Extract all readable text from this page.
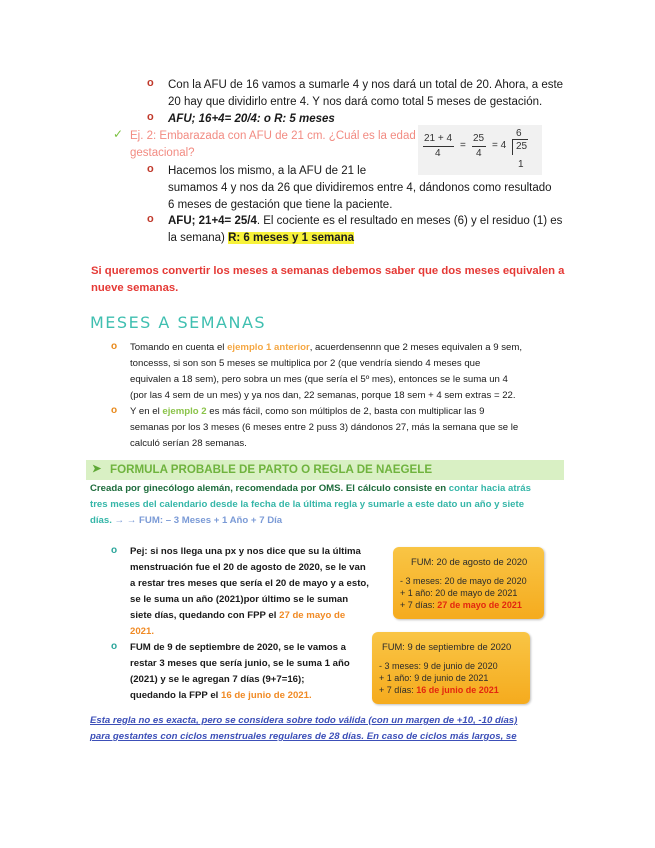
o Con la AFU de 16 vamos a sumarle 4 y nos dará un total de 20. Ahora, a este
20 hay que dividirlo entre 4. Y nos dará como total 5 meses de gestación.
o AFU; 16+4= 20/4: o R: 5 meses
✓ Ej. 2: Embarazada con AFU de 21 cm. ¿Cuál es la edad
gestacional?
o Hacemos los mismo, a la AFU de 21 le
sumamos 4 y nos da 26 que dividiremos entre 4, dándonos como resultado
6 meses de gestación que tiene la paciente.
o AFU; 21+4= 25/4. El cociente es el resultado en meses (6) y el residuo (1) es
la semana) R: 6 meses y 1 semana
21 + 4
4
=
25
4
= 4
6
25
1
Si queremos convertir los meses a semanas debemos saber que dos meses equivalen a
nueve semanas.
MESES A SEMANAS
o Tomando en cuenta el ejemplo 1 anterior, acuerdensennn que 2 meses equivalen a 9 sem,
toncesss, si son son 5 meses se multiplica por 2 (que vendría siendo 4 meses que
equivalen a 18 sem), pero sobra un mes (que sería el 5º mes), entonces se le suma un 4
(por las 4 sem de un mes) y ya nos dan, 22 semanas, porque 18 sem + 4 sem extras = 22.
o Y en el ejemplo 2 es más fácil, como son múltiplos de 2, basta con multiplicar las 9
semanas por los 3 meses (6 meses entre 2 puss 3) dándonos 27, más la semana que se le
calculó serían 28 semanas.
➤ FORMULA PROBABLE DE PARTO O REGLA DE NAEGELE
Creada por ginecólogo alemán, recomendada por OMS. El cálculo consiste en contar hacia atrás
tres meses del calendario desde la fecha de la última regla y sumarle a este dato un año y siete
días. → → FUM: – 3 Meses + 1 Año + 7 Día
o Pej: si nos llega una px y nos dice que su la última
menstruación fue el 20 de agosto de 2020, se le van
a restar tres meses que sería el 20 de mayo y a esto,
se le suma un año (2021)por último se le suman
siete días, quedando con FPP el 27 de mayo de
2021.
FUM: 20 de agosto de 2020
- 3 meses: 20 de mayo de 2020
+ 1 año: 20 de mayo de 2021
+ 7 días: 27 de mayo de 2021
o FUM de 9 de septiembre de 2020, se le vamos a
restar 3 meses que sería junio, se le suma 1 año
(2021) y se le agregan 7 días (9+7=16);
quedando la FPP el 16 de junio de 2021.
FUM: 9 de septiembre de 2020
- 3 meses: 9 de junio de 2020
+ 1 año: 9 de junio de 2021
+ 7 días: 16 de junio de 2021
Esta regla no es exacta, pero se considera sobre todo válida (con un margen de +10, -10 días)
para gestantes con ciclos menstruales regulares de 28 días. En caso de ciclos más largos, se
